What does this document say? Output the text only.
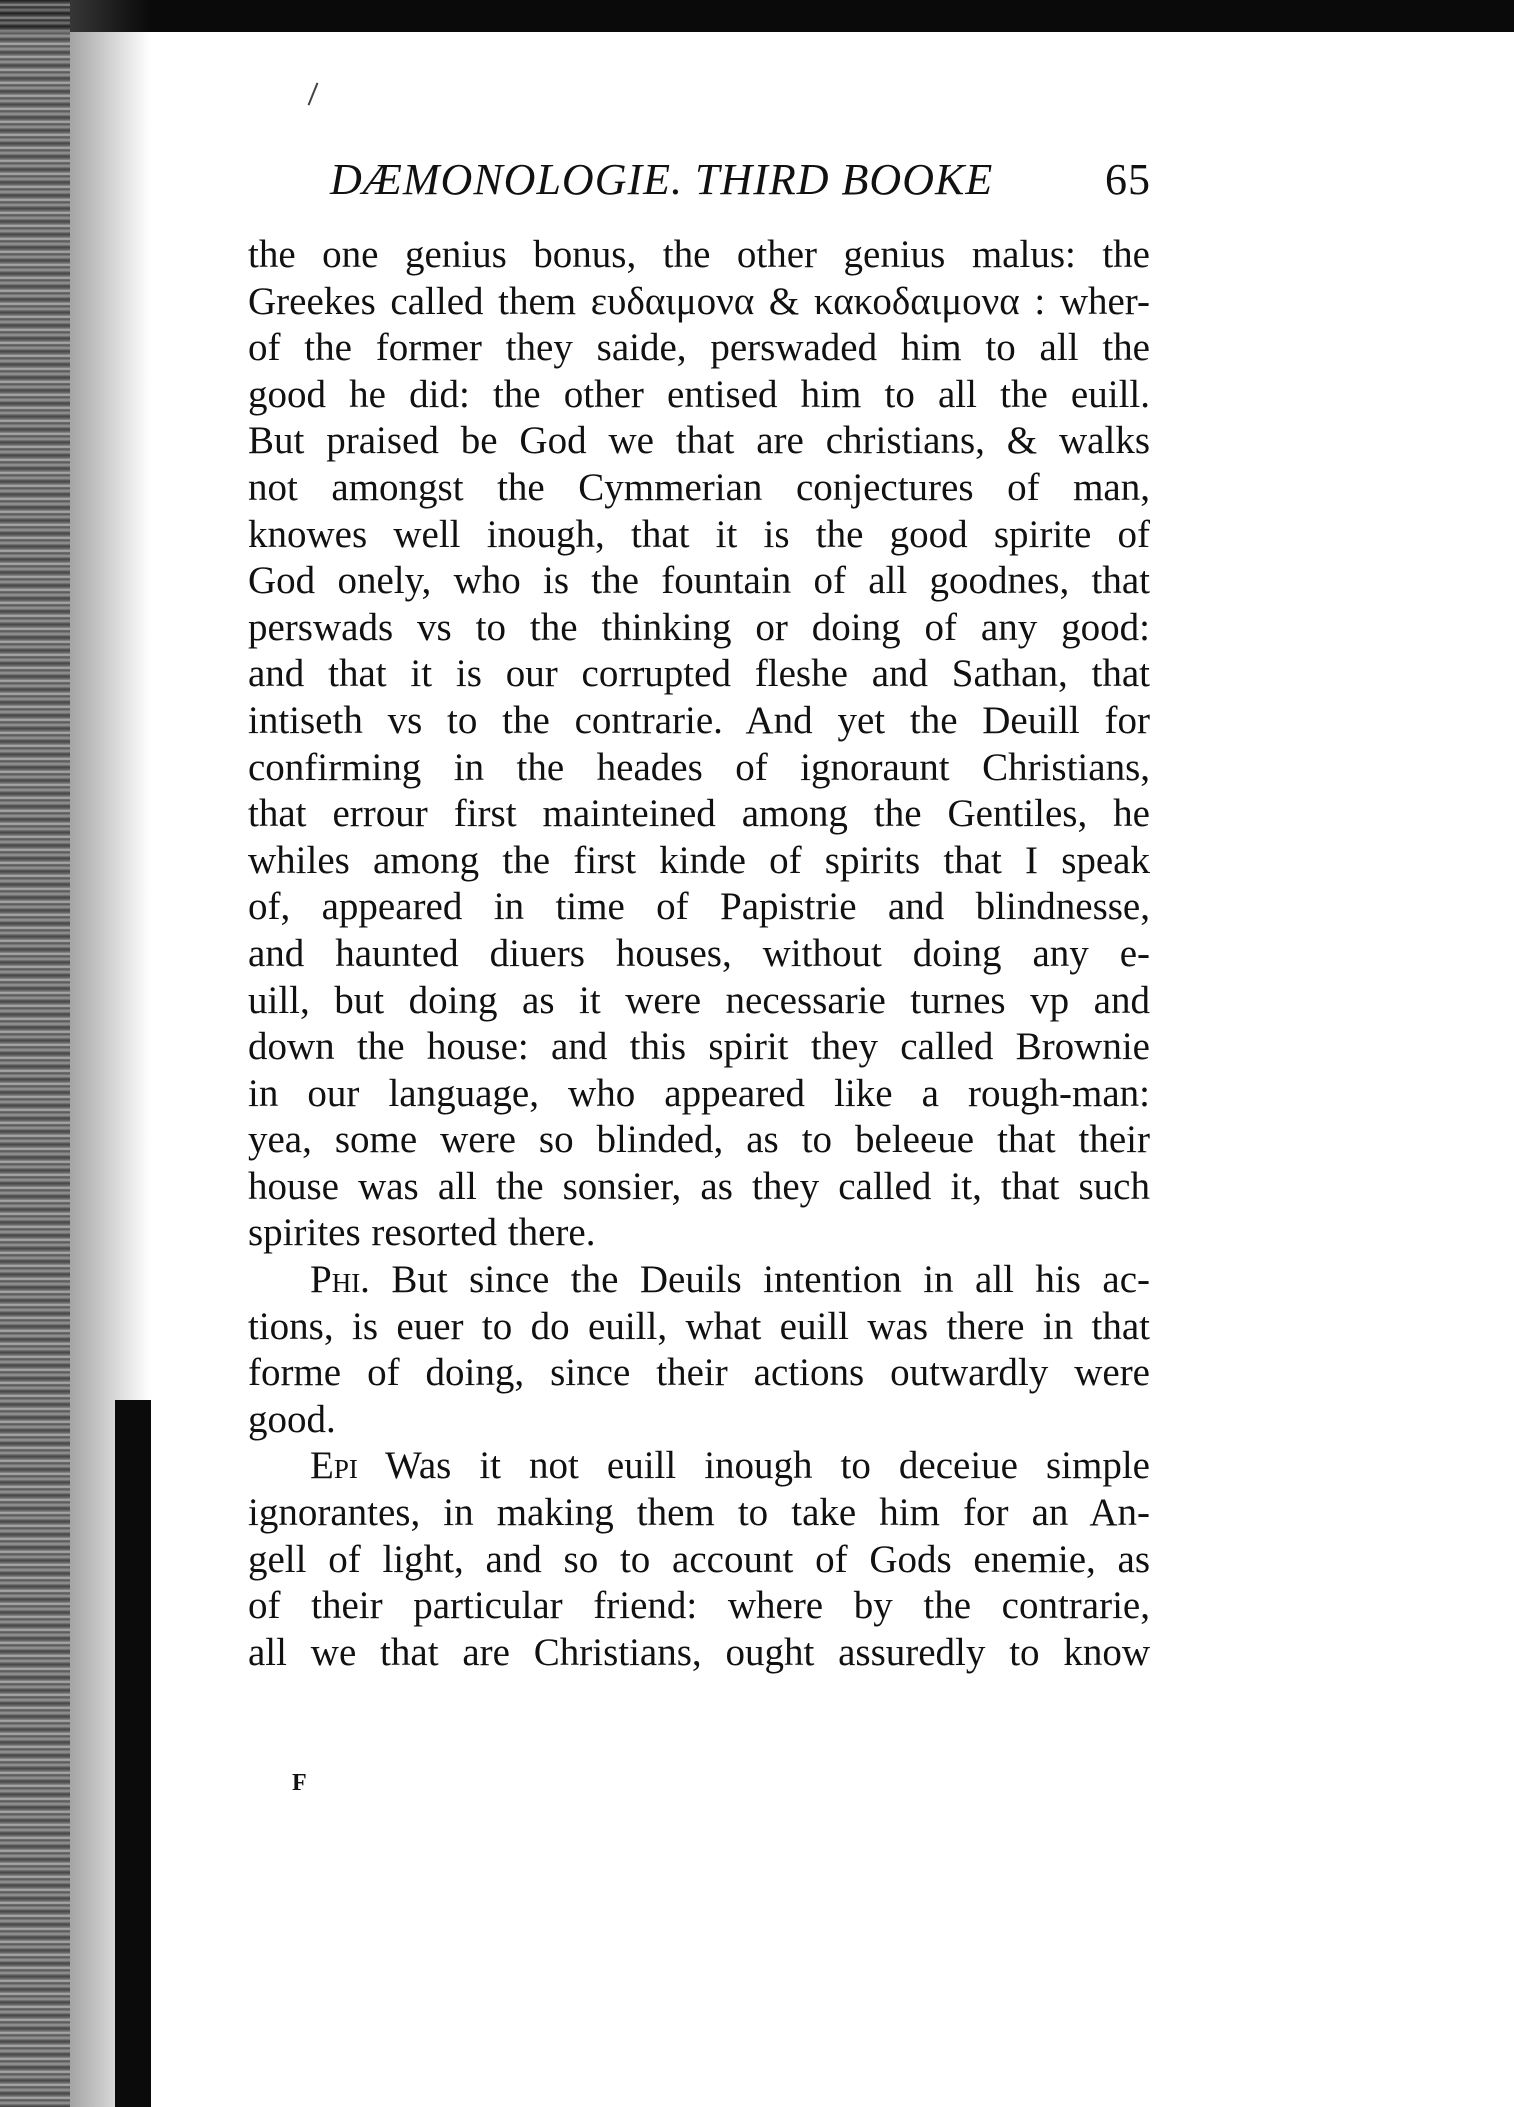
DÆMONOLOGIE. THIRD BOOKE	65
the one genius bonus, the other genius malus: the
Greekes called them ευδαιμονα & κακοδαιμονα : wher-
of the former they saide, perswaded him to all the
good he did: the other entised him to all the euill.
But praised be God we that are christians, & walks
not amongst the Cymmerian conjectures of man,
knowes well inough, that it is the good spirite of
God onely, who is the fountain of all goodnes, that
perswads vs to the thinking or doing of any good:
and that it is our corrupted fleshe and Sathan, that
intiseth vs to the contrarie. And yet the Deuill for
confirming in the heades of ignoraunt Christians,
that errour first mainteined among the Gentiles, he
whiles among the first kinde of spirits that I speak
of, appeared in time of Papistrie and blindnesse,
and haunted diuers houses, without doing any e-
uill, but doing as it were necessarie turnes vp and
down the house: and this spirit they called Brownie
in our language, who appeared like a rough-man:
yea, some were so blinded, as to beleeue that their
house was all the sonsier, as they called it, that such
spirites resorted there.
Phi. But since the Deuils intention in all his ac-
tions, is euer to do euill, what euill was there in that
forme of doing, since their actions outwardly were
good.
Epi Was it not euill inough to deceiue simple
ignorantes, in making them to take him for an An-
gell of light, and so to account of Gods enemie, as
of their particular friend: where by the contrarie,
all we that are Christians, ought assuredly to know
F
